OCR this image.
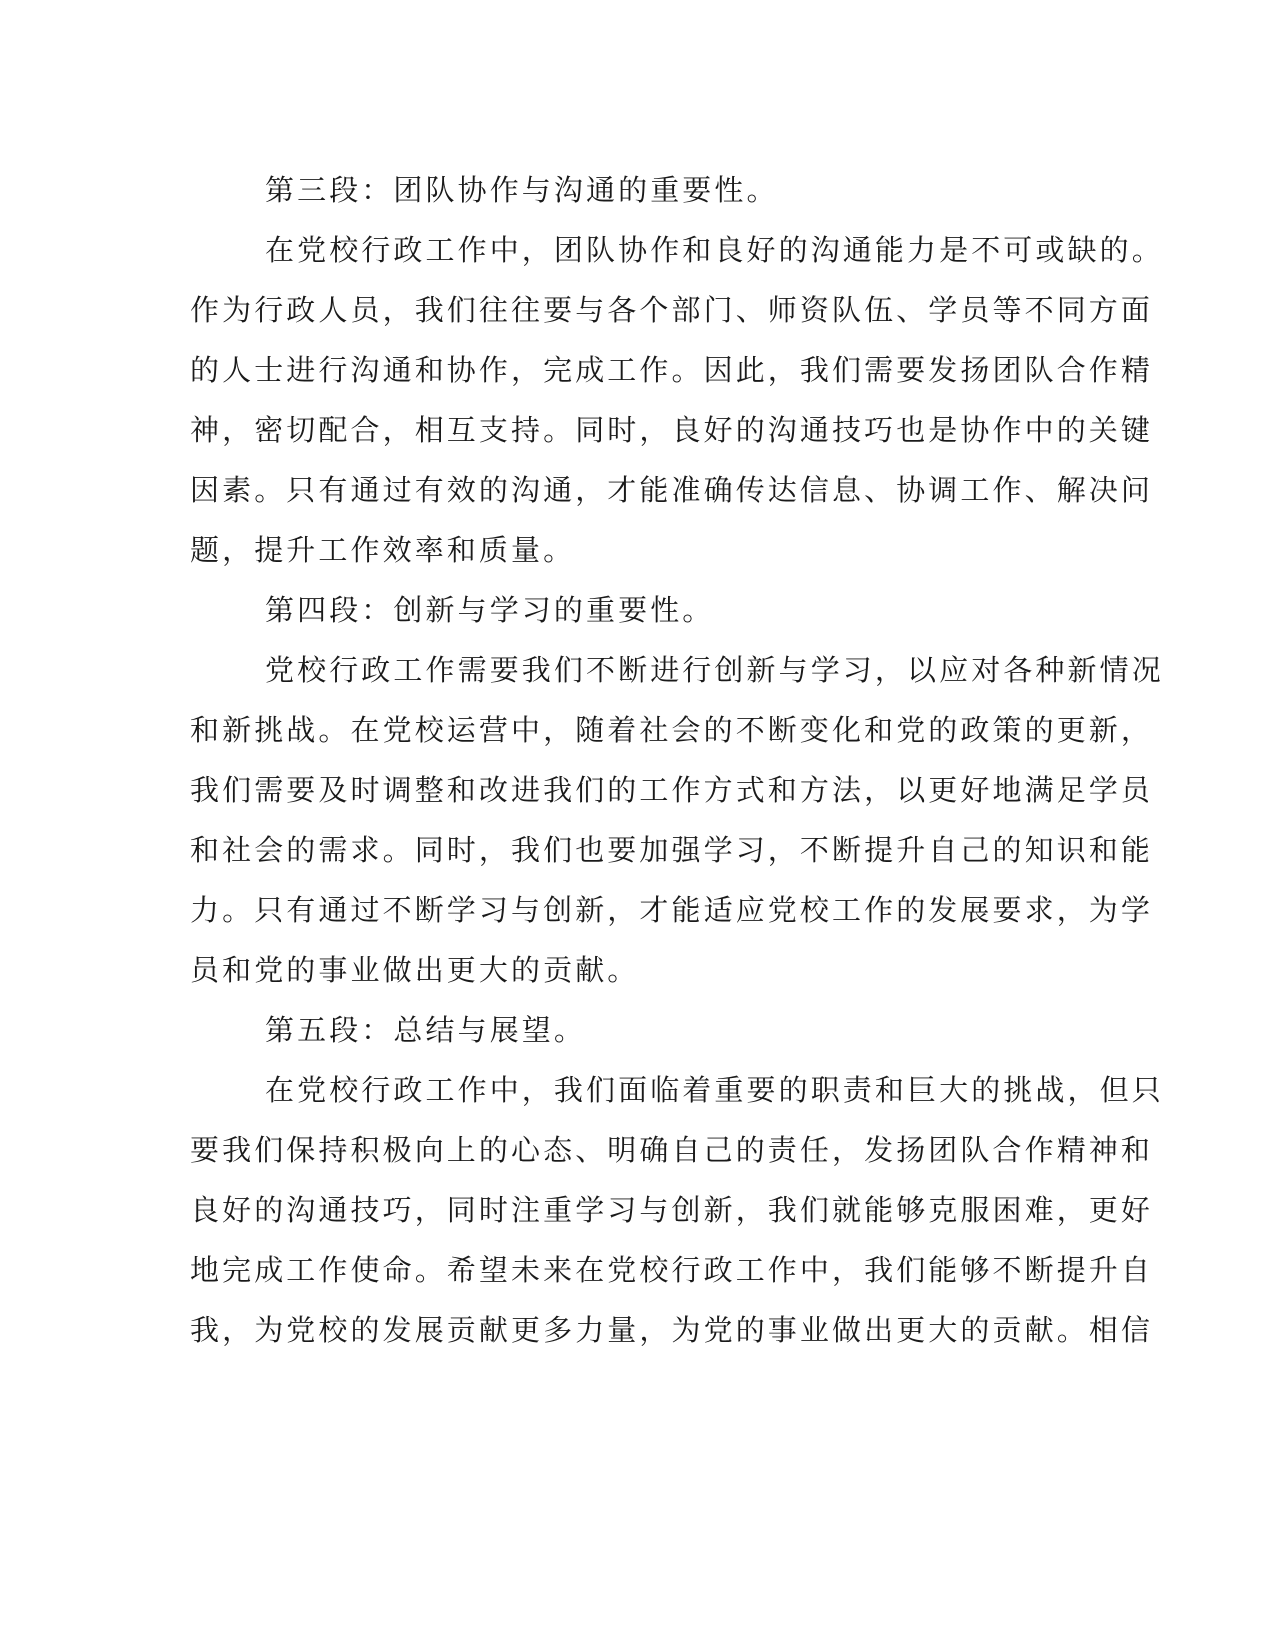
第三段：团队协作与沟通的重要性。

在党校行政工作中，团队协作和良好的沟通能力是不可或缺的。
作为行政人员，我们往往要与各个部门、师资队伍、学员等不同方面
的人士进行沟通和协作，完成工作。因此，我们需要发扬团队合作精
神，密切配合，相互支持。同时，良好的沟通技巧也是协作中的关键
因素。只有通过有效的沟通，才能准确传达信息、协调工作、解决问
题，提升工作效率和质量。

第四段：创新与学习的重要性。

党校行政工作需要我们不断进行创新与学习，以应对各种新情况
和新挑战。在党校运营中，随着社会的不断变化和党的政策的更新，
我们需要及时调整和改进我们的工作方式和方法，以更好地满足学员
和社会的需求。同时，我们也要加强学习，不断提升自己的知识和能
力。只有通过不断学习与创新，才能适应党校工作的发展要求，为学
员和党的事业做出更大的贡献。

第五段：总结与展望。

在党校行政工作中，我们面临着重要的职责和巨大的挑战，但只
要我们保持积极向上的心态、明确自己的责任，发扬团队合作精神和
良好的沟通技巧，同时注重学习与创新，我们就能够克服困难，更好
地完成工作使命。希望未来在党校行政工作中，我们能够不断提升自
我，为党校的发展贡献更多力量，为党的事业做出更大的贡献。相信
